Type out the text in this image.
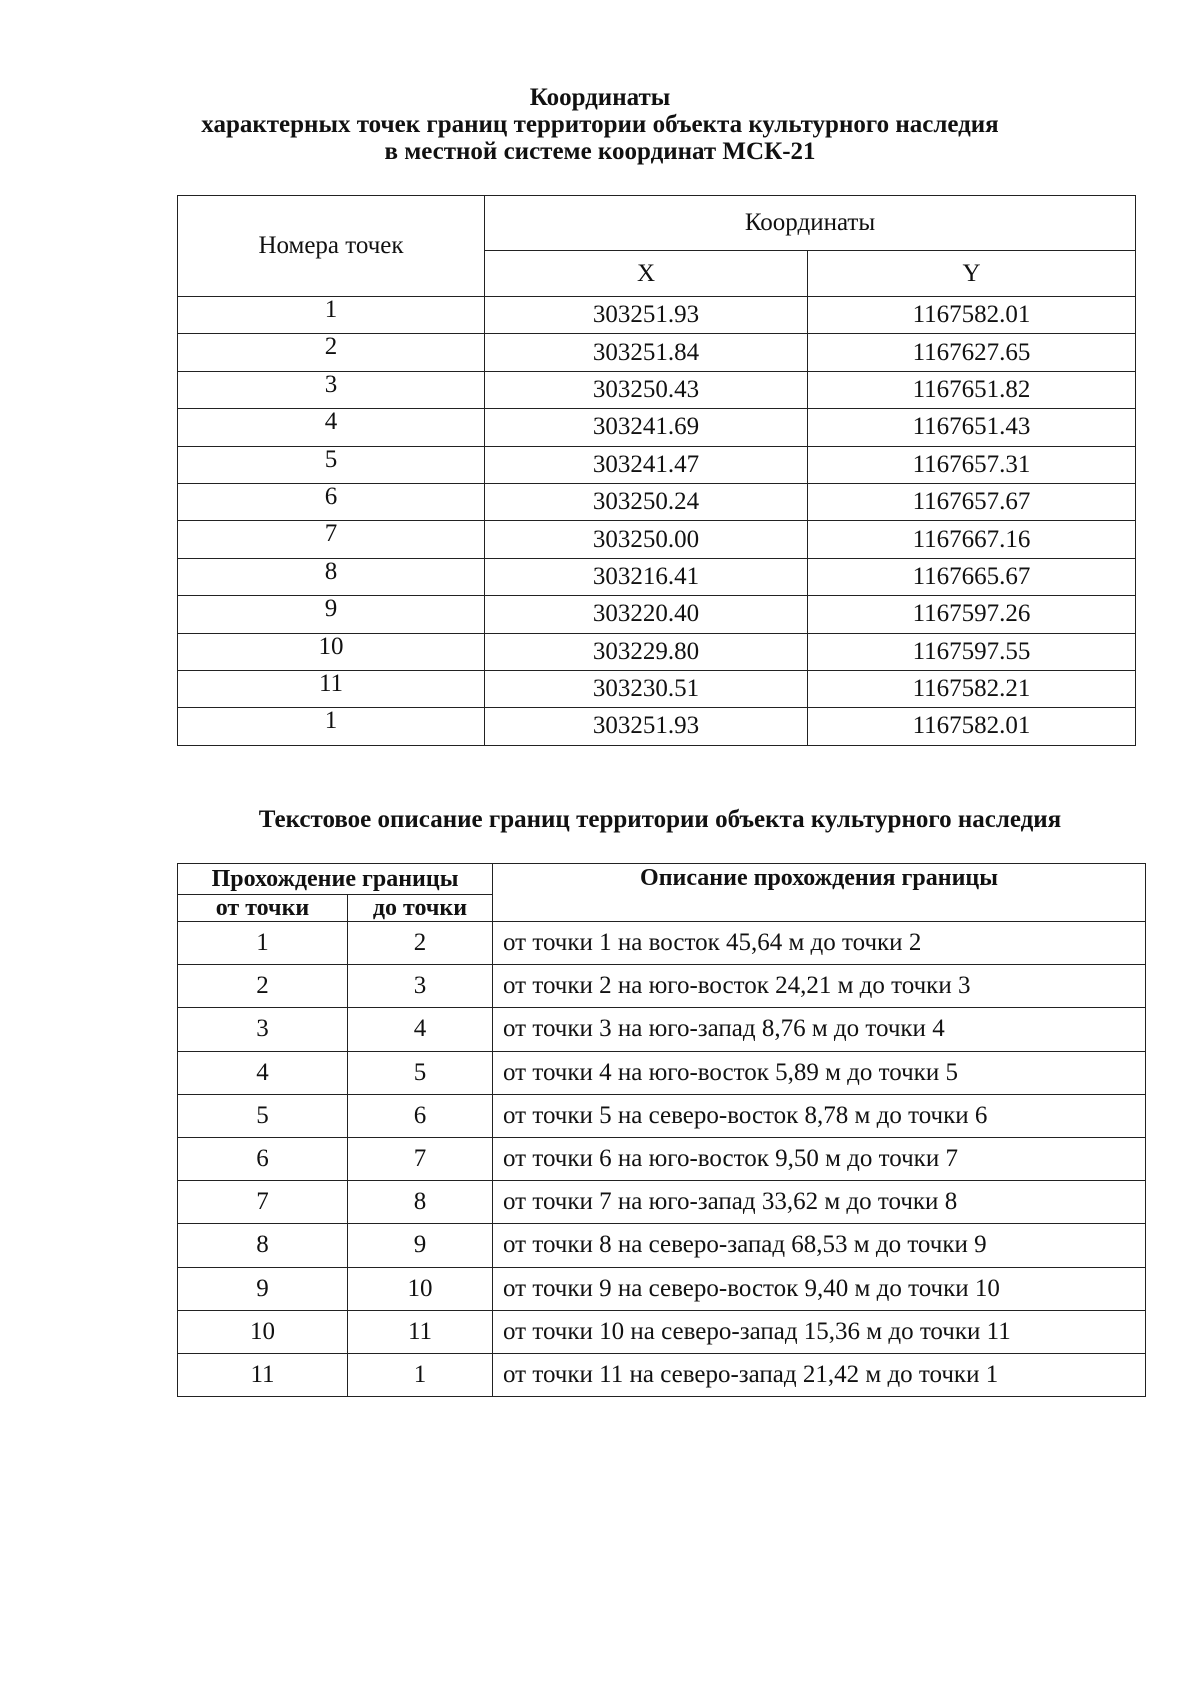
Координаты
характерных точек границ территории объекта культурного наследия
в местной системе координат МСК-21
Номера точек	Координаты	
	X	Y
1	303251.93	1167582.01
2	303251.84	1167627.65
3	303250.43	1167651.82
4	303241.69	1167651.43
5	303241.47	1167657.31
6	303250.24	1167657.67
7	303250.00	1167667.16
8	303216.41	1167665.67
9	303220.40	1167597.26
10	303229.80	1167597.55
11	303230.51	1167582.21
1	303251.93	1167582.01
Текстовое описание границ территории объекта культурного наследия
Прохождение границы		Описание прохождения границы
от точки	до точки	
1	2	от точки 1 на восток 45,64 м до точки 2
2	3	от точки 2 на юго-восток 24,21 м до точки 3
3	4	от точки 3 на юго-запад 8,76 м до точки 4
4	5	от точки 4 на юго-восток 5,89 м до точки 5
5	6	от точки 5 на северо-восток 8,78 м до точки 6
6	7	от точки 6 на юго-восток 9,50 м до точки 7
7	8	от точки 7 на юго-запад 33,62 м до точки 8
8	9	от точки 8 на северо-запад 68,53 м до точки 9
9	10	от точки 9 на северо-восток 9,40 м до точки 10
10	11	от точки 10 на северо-запад 15,36 м до точки 11
11	1	от точки 11 на северо-запад 21,42 м до точки 1
